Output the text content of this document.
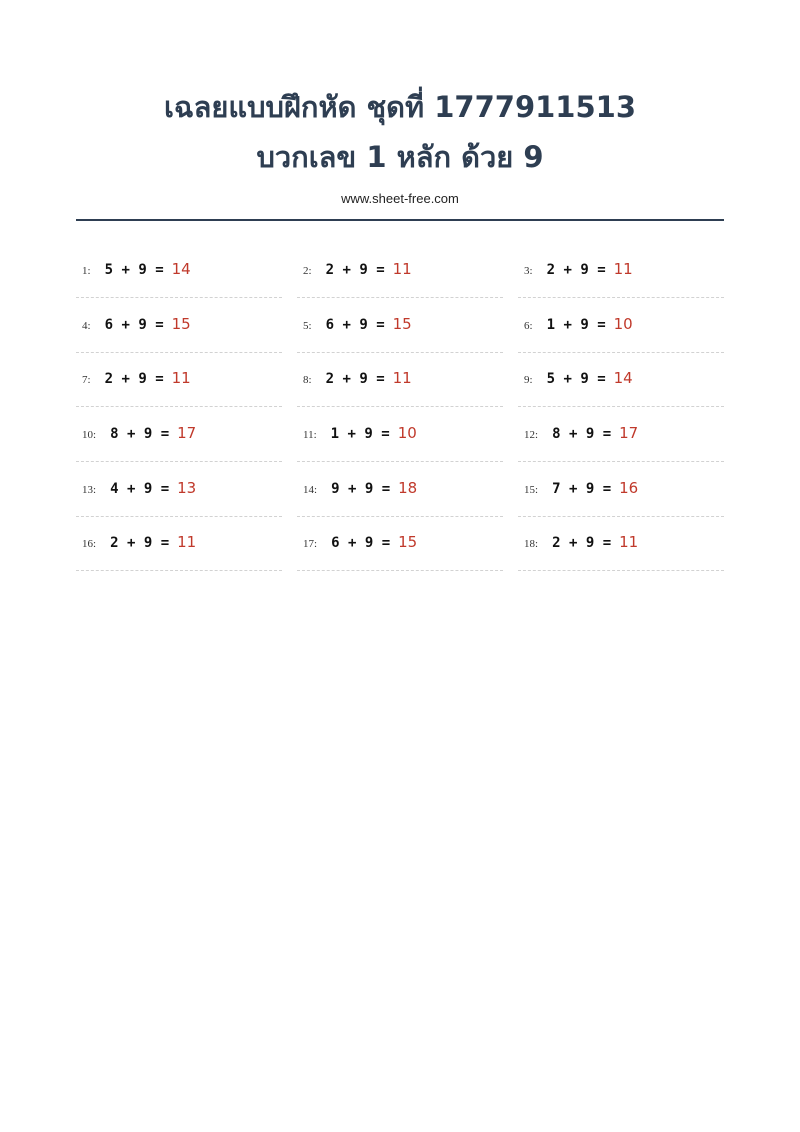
เฉลยแบบฝึกหัด ชุดที่ 1777911513
บวกเลข 1 หลัก ด้วย 9
www.sheet-free.com
1: 5 + 9 = 14	2: 2 + 9 = 11	3: 2 + 9 = 11
4: 6 + 9 = 15	5: 6 + 9 = 15	6: 1 + 9 = 10
7: 2 + 9 = 11	8: 2 + 9 = 11	9: 5 + 9 = 14
10: 8 + 9 = 17	11: 1 + 9 = 10	12: 8 + 9 = 17
13: 4 + 9 = 13	14: 9 + 9 = 18	15: 7 + 9 = 16
16: 2 + 9 = 11	17: 6 + 9 = 15	18: 2 + 9 = 11
